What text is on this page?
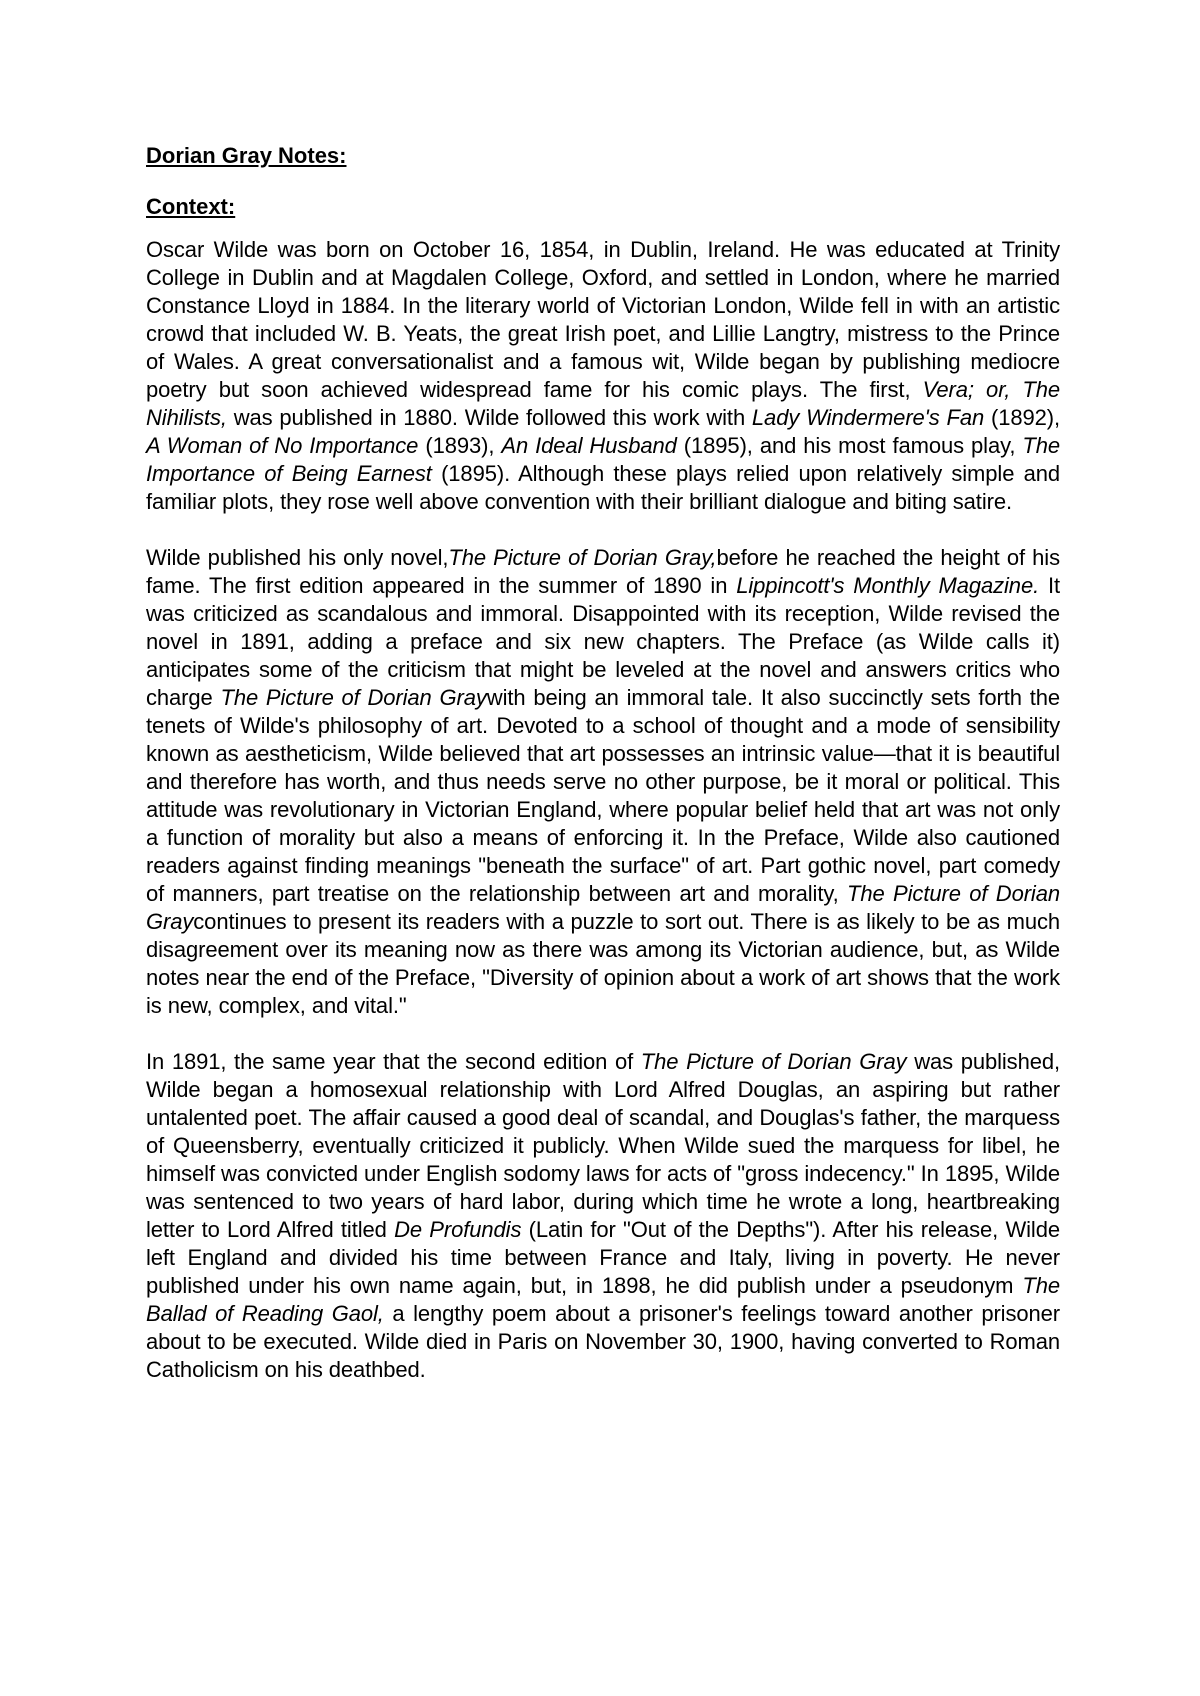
Dorian Gray Notes:
Context:

Oscar Wilde was born on October 16, 1854, in Dublin, Ireland. He was educated at Trinity College in Dublin and at Magdalen College, Oxford, and settled in London, where he married Constance Lloyd in 1884. In the literary world of Victorian London, Wilde fell in with an artistic crowd that included W. B. Yeats, the great Irish poet, and Lillie Langtry, mistress to the Prince of Wales. A great conversationalist and a famous wit, Wilde began by publishing mediocre poetry but soon achieved widespread fame for his comic plays. The first, Vera; or, The Nihilists, was published in 1880. Wilde followed this work with Lady Windermere's Fan (1892), A Woman of No Importance (1893), An Ideal Husband (1895), and his most famous play, The Importance of Being Earnest (1895). Although these plays relied upon relatively simple and familiar plots, they rose well above convention with their brilliant dialogue and biting satire.

Wilde published his only novel,The Picture of Dorian Gray,before he reached the height of his fame. The first edition appeared in the summer of 1890 in Lippincott's Monthly Magazine. It was criticized as scandalous and immoral. Disappointed with its reception, Wilde revised the novel in 1891, adding a preface and six new chapters. The Preface (as Wilde calls it) anticipates some of the criticism that might be leveled at the novel and answers critics who charge The Picture of Dorian Graywith being an immoral tale. It also succinctly sets forth the tenets of Wilde's philosophy of art. Devoted to a school of thought and a mode of sensibility known as aestheticism, Wilde believed that art possesses an intrinsic value—that it is beautiful and therefore has worth, and thus needs serve no other purpose, be it moral or political. This attitude was revolutionary in Victorian England, where popular belief held that art was not only a function of morality but also a means of enforcing it. In the Preface, Wilde also cautioned readers against finding meanings "beneath the surface" of art. Part gothic novel, part comedy of manners, part treatise on the relationship between art and morality, The Picture of Dorian Graycontinues to present its readers with a puzzle to sort out. There is as likely to be as much disagreement over its meaning now as there was among its Victorian audience, but, as Wilde notes near the end of the Preface, "Diversity of opinion about a work of art shows that the work is new, complex, and vital."

In 1891, the same year that the second edition of The Picture of Dorian Gray was published, Wilde began a homosexual relationship with Lord Alfred Douglas, an aspiring but rather untalented poet. The affair caused a good deal of scandal, and Douglas's father, the marquess of Queensberry, eventually criticized it publicly. When Wilde sued the marquess for libel, he himself was convicted under English sodomy laws for acts of "gross indecency." In 1895, Wilde was sentenced to two years of hard labor, during which time he wrote a long, heartbreaking letter to Lord Alfred titled De Profundis (Latin for "Out of the Depths"). After his release, Wilde left England and divided his time between France and Italy, living in poverty. He never published under his own name again, but, in 1898, he did publish under a pseudonym The Ballad of Reading Gaol, a lengthy poem about a prisoner's feelings toward another prisoner about to be executed. Wilde died in Paris on November 30, 1900, having converted to Roman Catholicism on his deathbed.
